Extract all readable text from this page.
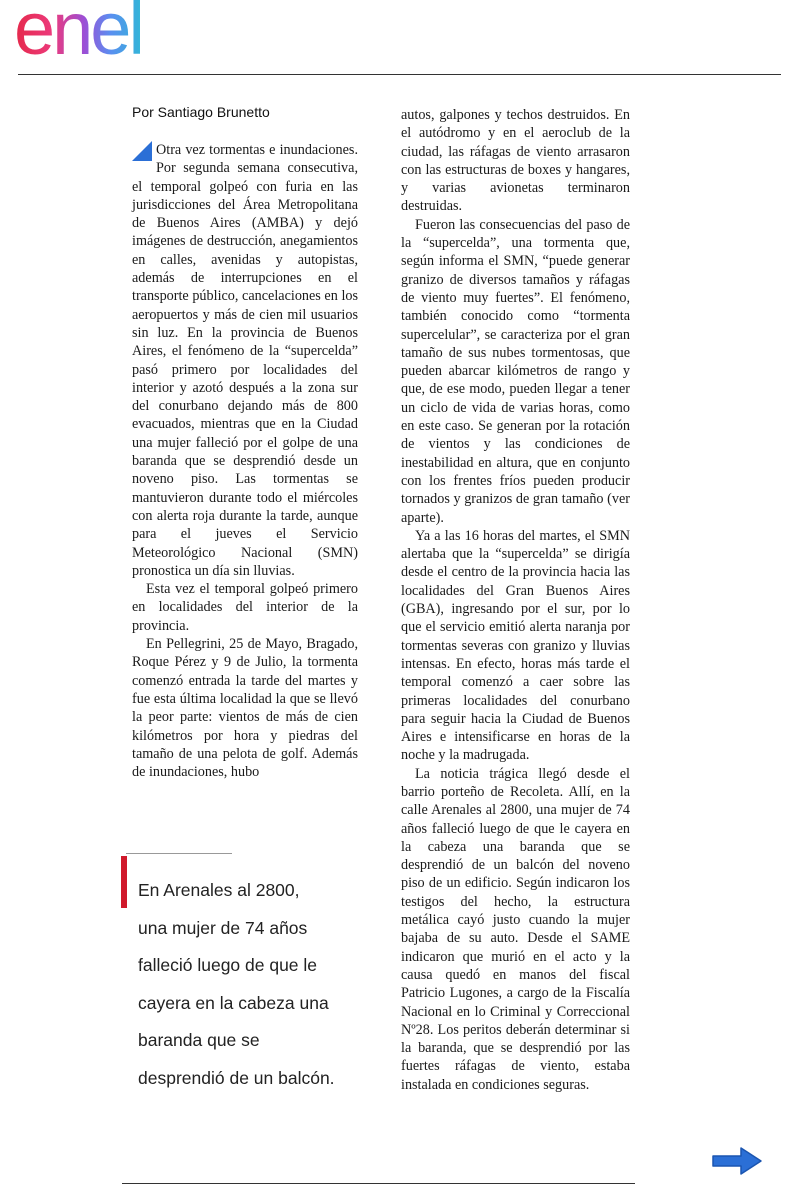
enel

Por Santiago Brunetto

Otra vez tormentas e inundaciones. Por segunda semana consecutiva, el temporal golpeó con furia en las jurisdicciones del Área Metropolitana de Buenos Aires (AMBA) y dejó imágenes de destrucción, anegamientos en calles, avenidas y autopistas, además de interrupciones en el transporte público, cancelaciones en los aeropuertos y más de cien mil usuarios sin luz. En la provincia de Buenos Aires, el fenómeno de la “supercelda” pasó primero por localidades del interior y azotó después a la zona sur del conurbano dejando más de 800 evacuados, mientras que en la Ciudad una mujer falleció por el golpe de una baranda que se desprendió desde un noveno piso. Las tormentas se mantuvieron durante todo el miércoles con alerta roja durante la tarde, aunque para el jueves el Servicio Meteorológico Nacional (SMN) pronostica un día sin lluvias.

Esta vez el temporal golpeó primero en localidades del interior de la provincia.

En Pellegrini, 25 de Mayo, Bragado, Roque Pérez y 9 de Julio, la tormenta comenzó entrada la tarde del martes y fue esta última localidad la que se llevó la peor parte: vientos de más de cien kilómetros por hora y piedras del tamaño de una pelota de golf. Además de inundaciones, hubo

autos, galpones y techos destruidos. En el autódromo y en el aeroclub de la ciudad, las ráfagas de viento arrasaron con las estructuras de boxes y hangares, y varias avionetas terminaron destruidas.

Fueron las consecuencias del paso de la “supercelda”, una tormenta que, según informa el SMN, “puede generar granizo de diversos tamaños y ráfagas de viento muy fuertes”. El fenómeno, también conocido como “tormenta supercelular”, se caracteriza por el gran tamaño de sus nubes tormentosas, que pueden abarcar kilómetros de rango y que, de ese modo, pueden llegar a tener un ciclo de vida de varias horas, como en este caso. Se generan por la rotación de vientos y las condiciones de inestabilidad en altura, que en conjunto con los frentes fríos pueden producir tornados y granizos de gran tamaño (ver aparte).

Ya a las 16 horas del martes, el SMN alertaba que la “supercelda” se dirigía desde el centro de la provincia hacia las localidades del Gran Buenos Aires (GBA), ingresando por el sur, por lo que el servicio emitió alerta naranja por tormentas severas con granizo y lluvias intensas. En efecto, horas más tarde el temporal comenzó a caer sobre las primeras localidades del conurbano para seguir hacia la Ciudad de Buenos Aires e intensificarse en horas de la noche y la madrugada.

La noticia trágica llegó desde el barrio porteño de Recoleta. Allí, en la calle Arenales al 2800, una mujer de 74 años falleció luego de que le cayera en la cabeza una baranda que se desprendió de un balcón del noveno piso de un edificio. Según indicaron los testigos del hecho, la estructura metálica cayó justo cuando la mujer bajaba de su auto. Desde el SAME indicaron que murió en el acto y la causa quedó en manos del fiscal Patricio Lugones, a cargo de la Fiscalía Nacional en lo Criminal y Correccional Nº28. Los peritos deberán determinar si la baranda, que se desprendió por las fuertes ráfagas de viento, estaba instalada en condiciones seguras.

En Arenales al 2800,
una mujer de 74 años
falleció luego de que le
cayera en la cabeza una
baranda que se
desprendió de un balcón.
